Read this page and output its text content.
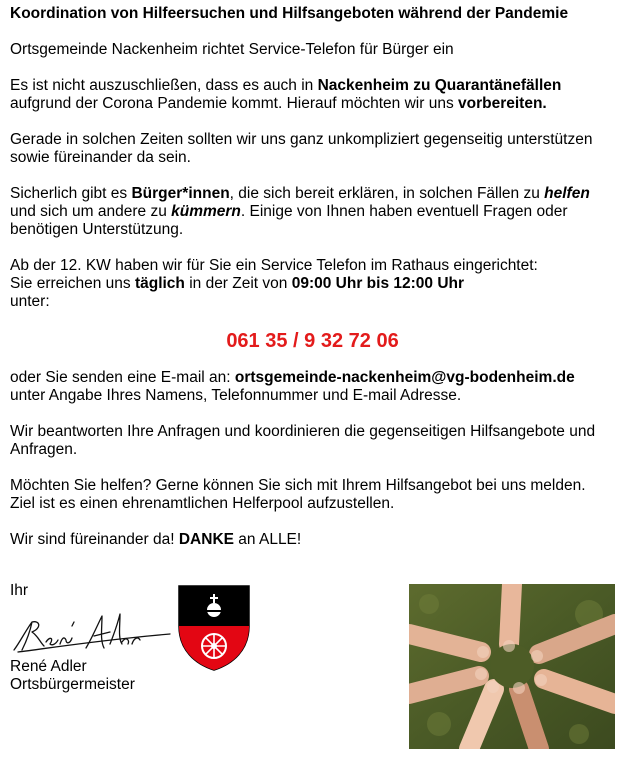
Koordination von Hilfeersuchen und Hilfsangeboten während der Pandemie

Ortsgemeinde Nackenheim richtet Service-Telefon für Bürger ein

Es ist nicht auszuschließen, dass es auch in Nackenheim zu Quarantänefällen aufgrund der Corona Pandemie kommt. Hierauf möchten wir uns vorbereiten.

Gerade in solchen Zeiten sollten wir uns ganz unkompliziert gegenseitig unterstützen sowie füreinander da sein.

Sicherlich gibt es Bürger*innen, die sich bereit erklären, in solchen Fällen zu helfen und sich um andere zu kümmern. Einige von Ihnen haben eventuell Fragen oder benötigen Unterstützung.

Ab der 12. KW haben wir für Sie ein Service Telefon im Rathaus eingerichtet:
Sie erreichen uns täglich in der Zeit von 09:00 Uhr bis 12:00 Uhr
unter:

061 35 / 9 32 72 06

oder Sie senden eine E-mail an: ortsgemeinde-nackenheim@vg-bodenheim.de
unter Angabe Ihres Namens, Telefonnummer und E-mail Adresse.

Wir beantworten Ihre Anfragen und koordinieren die gegenseitigen Hilfsangebote und Anfragen.

Möchten Sie helfen? Gerne können Sie sich mit Ihrem Hilfsangebot bei uns melden.
Ziel ist es einen ehrenamtlichen Helferpool aufzustellen.

Wir sind füreinander da! DANKE an ALLE!

Ihr
René Adler
Ortsbürgermeister
